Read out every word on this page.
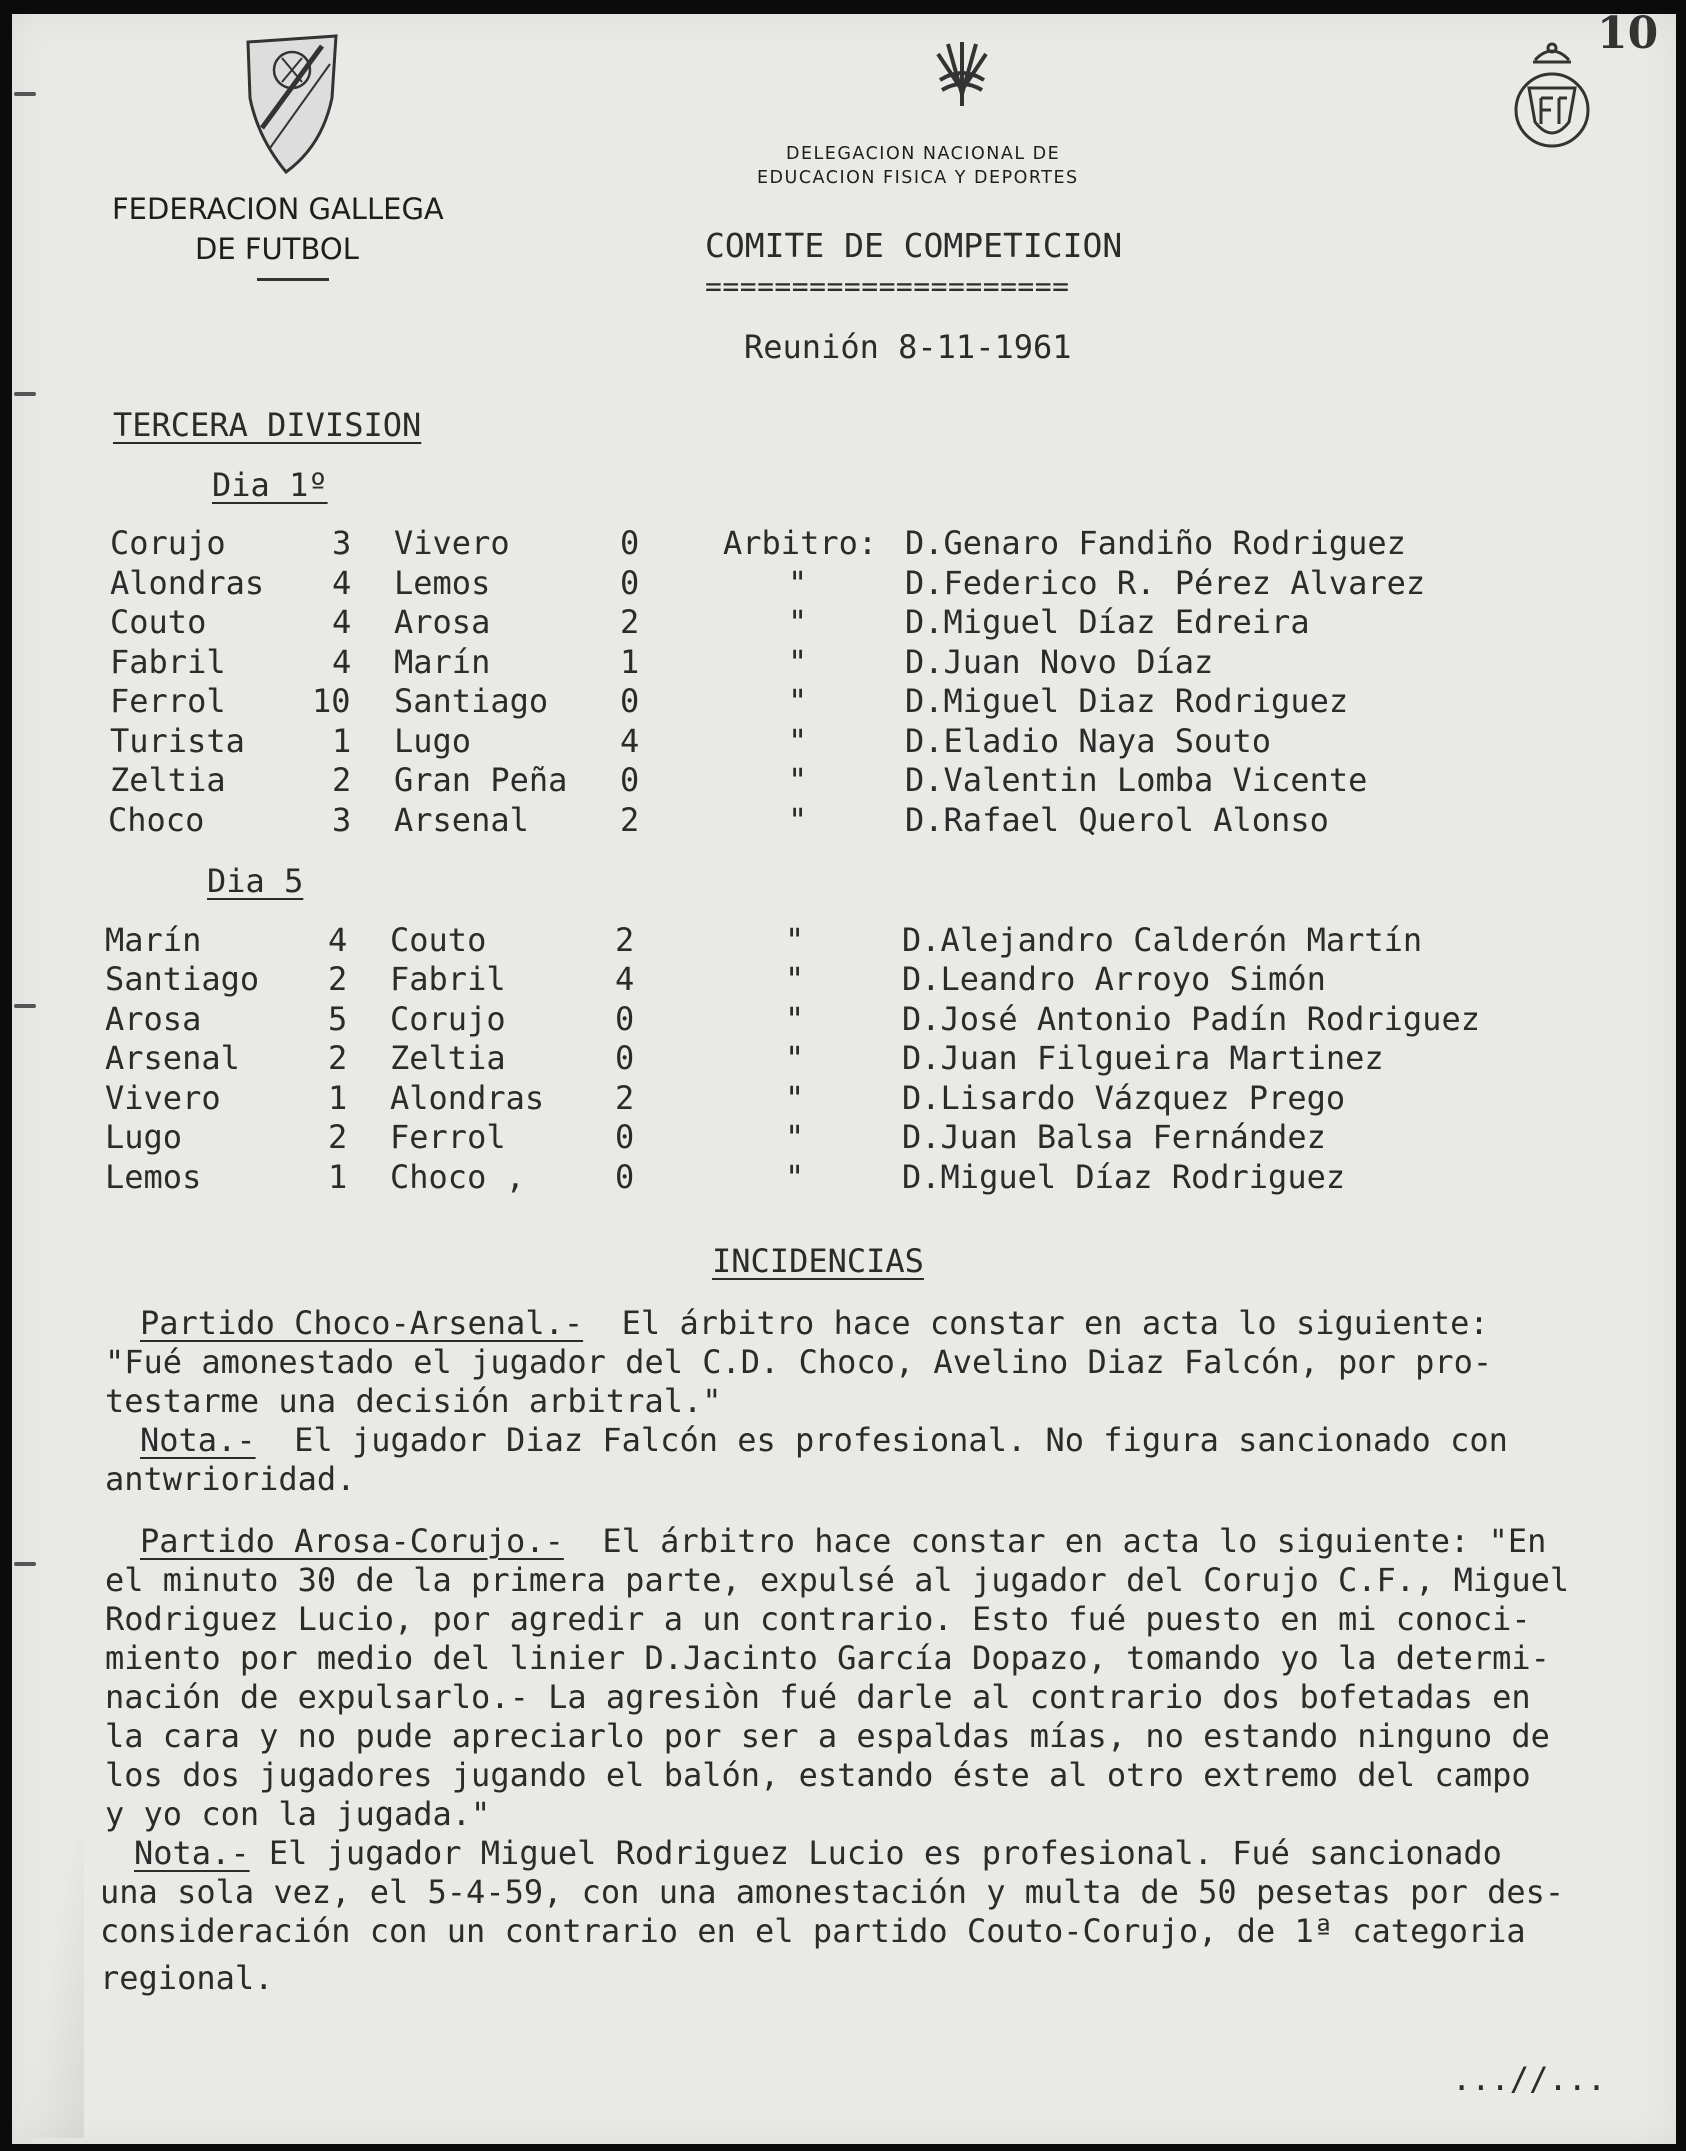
10
FEDERACION GALLEGA
DE FUTBOL
DELEGACION NACIONAL DE
EDUCACION FISICA Y DEPORTES
COMITE DE COMPETICION
=====================
Reunión 8-11-1961
TERCERA DIVISION
Dia 1º
Corujo	3 Vivero	0	Arbitro: D.Genaro Fandiño Rodriguez
Alondras 4 Lemos	0	"	D.Federico R. Pérez Alvarez
Couto	4 Arosa	2	"	D.Miguel Díaz Edreira
Fabril	4 Marín	1	"	D.Juan Novo Díaz
Ferrol	10 Santiago 0	"	D.Miguel Diaz Rodriguez
Turista	1 Lugo	4	"	D.Eladio Naya Souto
Zeltia	2 Gran Peña 0	"	D.Valentin Lomba Vicente
Choco	3 Arsenal	2	"	D.Rafael Querol Alonso
Dia 5
Marín	4 Couto	2	"	D.Alejandro Calderón Martín
Santiago 2 Fabril	4	"	D.Leandro Arroyo Simón
Arosa	5 Corujo	0	"	D.José Antonio Padín Rodriguez
Arsenal	2 Zeltia	0	"	D.Juan Filgueira Martinez
Vivero	1 Alondras 2	"	D.Lisardo Vázquez Prego
Lugo	2 Ferrol	0	"	D.Juan Balsa Fernández
Lemos	1 Choco ,	0	"	D.Miguel Díaz Rodriguez
INCIDENCIAS
Partido Choco-Arsenal.-  El árbitro hace constar en acta lo siguiente:
"Fué amonestado el jugador del C.D. Choco, Avelino Diaz Falcón, por pro-
testarme una decisión arbitral."
Nota.-  El jugador Diaz Falcón es profesional. No figura sancionado con
antwrioridad.
Partido Arosa-Corujo.-  El árbitro hace constar en acta lo siguiente: "En
el minuto 30 de la primera parte, expulsé al jugador del Corujo C.F., Miguel
Rodriguez Lucio, por agredir a un contrario. Esto fué puesto en mi conoci-
miento por medio del linier D.Jacinto García Dopazo, tomando yo la determi-
nación de expulsarlo.- La agresiòn fué darle al contrario dos bofetadas en
la cara y no pude apreciarlo por ser a espaldas mías, no estando ninguno de
los dos jugadores jugando el balón, estando éste al otro extremo del campo
y yo con la jugada."
Nota.- El jugador Miguel Rodriguez Lucio es profesional. Fué sancionado
una sola vez, el 5-4-59, con una amonestación y multa de 50 pesetas por des-
consideración con un contrario en el partido Couto-Corujo, de 1ª categoria
regional.
...//...
